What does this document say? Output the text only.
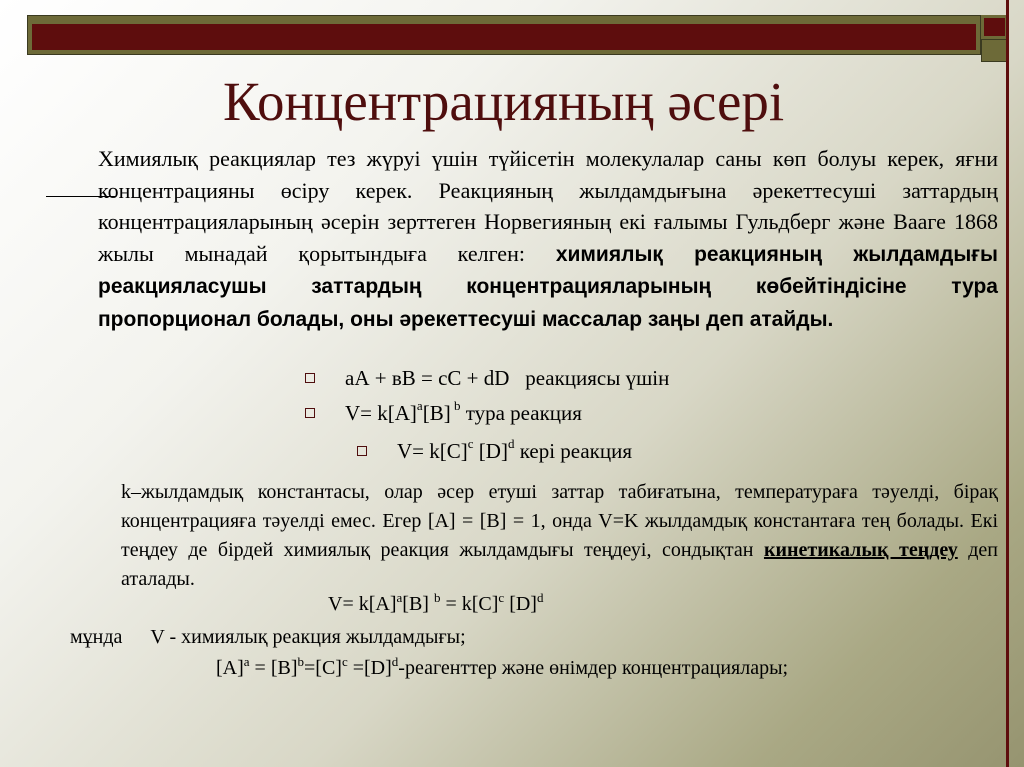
Концентрацияның әсері

Химиялық реакциялар тез жүруі үшін түйісетін молекулалар саны көп болуы керек, яғни концентрацияны өсіру керек. Реакцияның жылдамдығына әрекеттесуші заттардың концентрацияларының әсерін зерттеген Норвегияның екі ғалымы Гульдберг және Вааге 1868 жылы мынадай қорытындыға келген: химиялық реакцияның жылдамдығы реакцияласушы заттардың концентрацияларының көбейтіндісіне тура пропорционал болады, оны әрекеттесуші массалар заңы деп атайды.

аА + вВ = сС + dD реакциясы үшін
$V= k[A]^a[B]$ $^b$ тура реакция
$V= k[C]^c$ $[D]^d$ кері реакция

k–жылдамдық константасы, олар әсер етуші заттар табиғатына, температураға тәуелді, бірақ концентрацияға тәуелді емес. Егер [A] = [B] = 1, онда V=K жылдамдық константаға тең болады. Екі теңдеу де бірдей химиялық реакция жылдамдығы теңдеуі, сондықтан кинетикалық теңдеу деп аталады.

$V= k[A]^a[B] ^b = k[C]^c$ $[D]^d$
мұнда V - химиялық реакция жылдамдығы;
$[A]^a = [B]^b=[C]^c$ $=[D]^d$-реагенттер және өнімдер концентрациялары;
